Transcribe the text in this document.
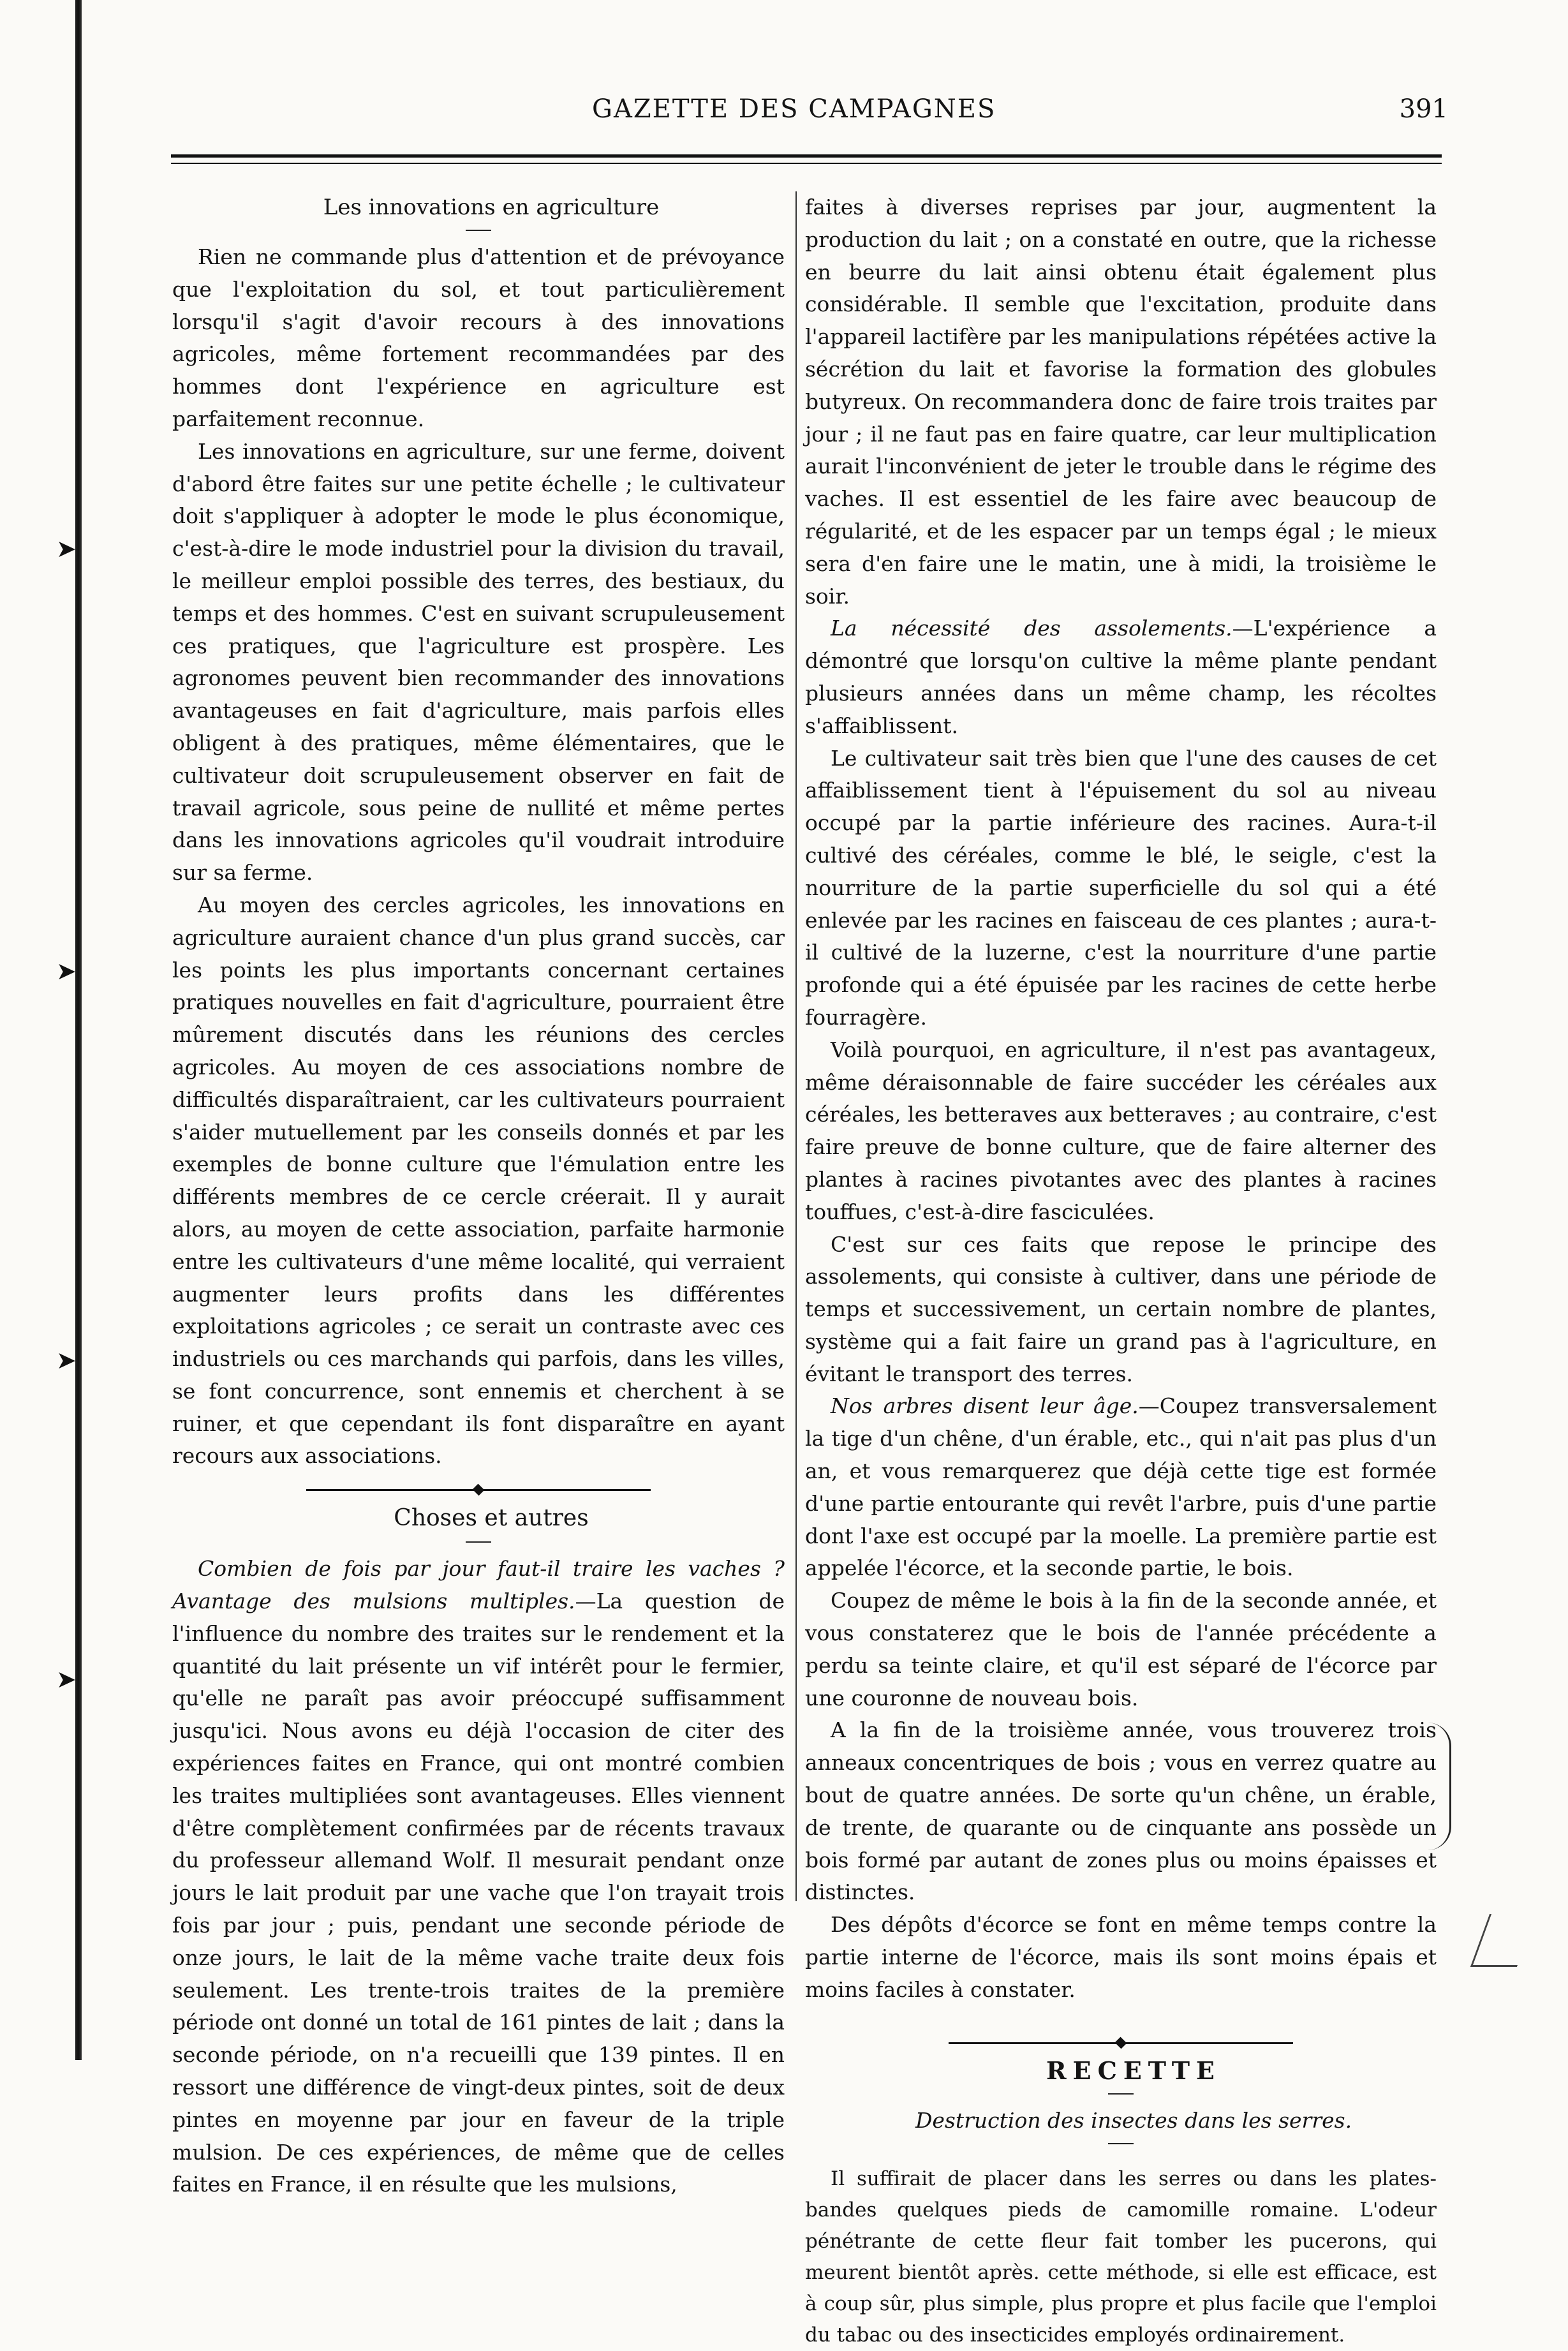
➤
➤
➤
➤
GAZETTE DES CAMPAGNES	391

Les innovations en agriculture

Rien ne commande plus d'attention et de prévoyance que l'exploitation du sol, et tout particulièrement lorsqu'il s'agit d'avoir recours à des innovations agricoles, même fortement recommandées par des hommes dont l'expérience en agriculture est parfaitement reconnue.

Les innovations en agriculture, sur une ferme, doivent d'abord être faites sur une petite échelle ; le cultivateur doit s'appliquer à adopter le mode le plus économique, c'est-à-dire le mode industriel pour la division du travail, le meilleur emploi possible des terres, des bestiaux, du temps et des hommes. C'est en suivant scrupuleusement ces pratiques, que l'agriculture est prospère. Les agronomes peuvent bien recommander des innovations avantageuses en fait d'agriculture, mais parfois elles obligent à des pratiques, même élémentaires, que le cultivateur doit scrupuleusement observer en fait de travail agricole, sous peine de nullité et même pertes dans les innovations agricoles qu'il voudrait introduire sur sa ferme.

Au moyen des cercles agricoles, les innovations en agriculture auraient chance d'un plus grand succès, car les points les plus importants concernant certaines pratiques nouvelles en fait d'agriculture, pourraient être mûrement discutés dans les réunions des cercles agricoles. Au moyen de ces associations nombre de difficultés disparaîtraient, car les cultivateurs pourraient s'aider mutuellement par les conseils donnés et par les exemples de bonne culture que l'émulation entre les différents membres de ce cercle créerait. Il y aurait alors, au moyen de cette association, parfaite harmonie entre les cultivateurs d'une même localité, qui verraient augmenter leurs profits dans les différentes exploitations agricoles ; ce serait un contraste avec ces industriels ou ces marchands qui parfois, dans les villes, se font concurrence, sont ennemis et cherchent à se ruiner, et que cependant ils font disparaître en ayant recours aux associations.

Choses et autres

Combien de fois par jour faut-il traire les vaches ? Avantage des mulsions multiples.—La question de l'influence du nombre des traites sur le rendement et la quantité du lait présente un vif intérêt pour le fermier, qu'elle ne paraît pas avoir préoccupé suffisamment jusqu'ici. Nous avons eu déjà l'occasion de citer des expériences faites en France, qui ont montré combien les traites multipliées sont avantageuses. Elles viennent d'être complètement confirmées par de récents travaux du professeur allemand Wolf. Il mesurait pendant onze jours le lait produit par une vache que l'on trayait trois fois par jour ; puis, pendant une seconde période de onze jours, le lait de la même vache traite deux fois seulement. Les trente-trois traites de la première période ont donné un total de 161 pintes de lait ; dans la seconde période, on n'a recueilli que 139 pintes. Il en ressort une différence de vingt-deux pintes, soit de deux pintes en moyenne par jour en faveur de la triple mulsion. De ces expériences, de même que de celles faites en France, il en résulte que les mulsions,

faites à diverses reprises par jour, augmentent la production du lait ; on a constaté en outre, que la richesse en beurre du lait ainsi obtenu était également plus considérable. Il semble que l'excitation, produite dans l'appareil lactifère par les manipulations répétées active la sécrétion du lait et favorise la formation des globules butyreux. On recommandera donc de faire trois traites par jour ; il ne faut pas en faire quatre, car leur multiplication aurait l'inconvénient de jeter le trouble dans le régime des vaches. Il est essentiel de les faire avec beaucoup de régularité, et de les espacer par un temps égal ; le mieux sera d'en faire une le matin, une à midi, la troisième le soir.

La nécessité des assolements.—L'expérience a démontré que lorsqu'on cultive la même plante pendant plusieurs années dans un même champ, les récoltes s'affaiblissent.

Le cultivateur sait très bien que l'une des causes de cet affaiblissement tient à l'épuisement du sol au niveau occupé par la partie inférieure des racines. Aura-t-il cultivé des céréales, comme le blé, le seigle, c'est la nourriture de la partie superficielle du sol qui a été enlevée par les racines en faisceau de ces plantes ; aura-t-il cultivé de la luzerne, c'est la nourriture d'une partie profonde qui a été épuisée par les racines de cette herbe fourragère.

Voilà pourquoi, en agriculture, il n'est pas avantageux, même déraisonnable de faire succéder les céréales aux céréales, les betteraves aux betteraves ; au contraire, c'est faire preuve de bonne culture, que de faire alterner des plantes à racines pivotantes avec des plantes à racines touffues, c'est-à-dire fasciculées.

C'est sur ces faits que repose le principe des assolements, qui consiste à cultiver, dans une période de temps et successivement, un certain nombre de plantes, système qui a fait faire un grand pas à l'agriculture, en évitant le transport des terres.

Nos arbres disent leur âge.—Coupez transversalement la tige d'un chêne, d'un érable, etc., qui n'ait pas plus d'un an, et vous remarquerez que déjà cette tige est formée d'une partie entourante qui revêt l'arbre, puis d'une partie dont l'axe est occupé par la moelle. La première partie est appelée l'écorce, et la seconde partie, le bois.

Coupez de même le bois à la fin de la seconde année, et vous constaterez que le bois de l'année précédente a perdu sa teinte claire, et qu'il est séparé de l'écorce par une couronne de nouveau bois.

A la fin de la troisième année, vous trouverez trois anneaux concentriques de bois ; vous en verrez quatre au bout de quatre années. De sorte qu'un chêne, un érable, de trente, de quarante ou de cinquante ans possède un bois formé par autant de zones plus ou moins épaisses et distinctes.

Des dépôts d'écorce se font en même temps contre la partie interne de l'écorce, mais ils sont moins épais et moins faciles à constater.

RECETTE

Destruction des insectes dans les serres.

Il suffirait de placer dans les serres ou dans les plates-bandes quelques pieds de camomille romaine. L'odeur pénétrante de cette fleur fait tomber les pucerons, qui meurent bientôt après. cette méthode, si elle est efficace, est à coup sûr, plus simple, plus propre et plus facile que l'emploi du tabac ou des insecticides employés ordinairement.
